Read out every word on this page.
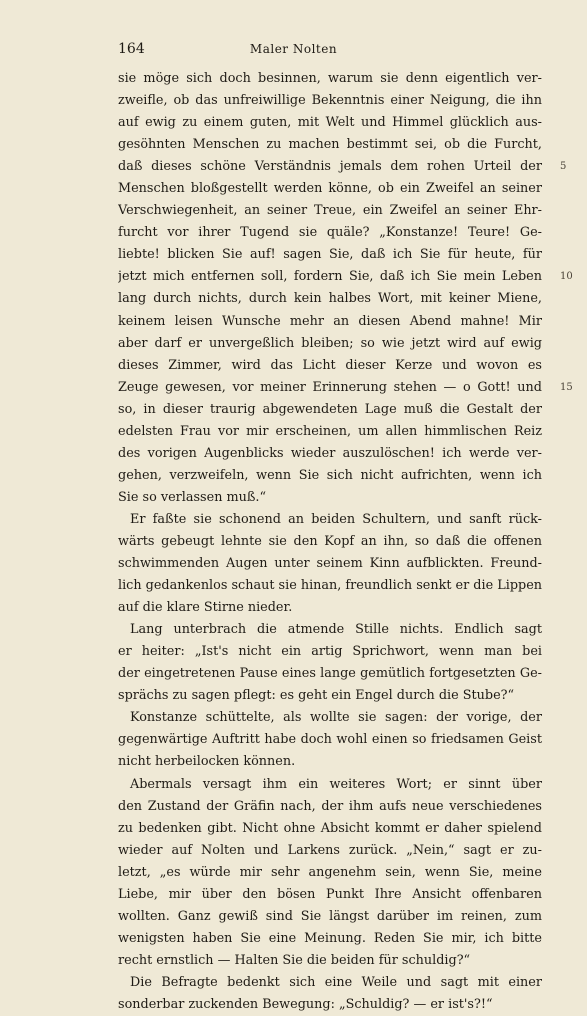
164	Maler Nolten
sie möge sich doch besinnen, warum sie denn eigentlich ver-
zweifle, ob das unfreiwillige Bekenntnis einer Neigung, die ihn
auf ewig zu einem guten, mit Welt und Himmel glücklich aus-
gesöhnten Menschen zu machen bestimmt sei, ob die Furcht,
daß dieses schöne Verständnis jemals dem rohen Urteil der
Menschen bloßgestellt werden könne, ob ein Zweifel an seiner
Verschwiegenheit, an seiner Treue, ein Zweifel an seiner Ehr-
furcht vor ihrer Tugend sie quäle? „Konstanze! Teure! Ge-
liebte! blicken Sie auf! sagen Sie, daß ich Sie für heute, für
jetzt mich entfernen soll, fordern Sie, daß ich Sie mein Leben
lang durch nichts, durch kein halbes Wort, mit keiner Miene,
keinem leisen Wunsche mehr an diesen Abend mahne! Mir
aber darf er unvergeßlich bleiben; so wie jetzt wird auf ewig
dieses Zimmer, wird das Licht dieser Kerze und wovon es
Zeuge gewesen, vor meiner Erinnerung stehen — o Gott! und
so, in dieser traurig abgewendeten Lage muß die Gestalt der
edelsten Frau vor mir erscheinen, um allen himmlischen Reiz
des vorigen Augenblicks wieder auszulöschen! ich werde ver-
gehen, verzweifeln, wenn Sie sich nicht aufrichten, wenn ich
Sie so verlassen muß.“
Er faßte sie schonend an beiden Schultern, und sanft rück-
wärts gebeugt lehnte sie den Kopf an ihn, so daß die offenen
schwimmenden Augen unter seinem Kinn aufblickten. Freund-
lich gedankenlos schaut sie hinan, freundlich senkt er die Lippen
auf die klare Stirne nieder.
Lang unterbrach die atmende Stille nichts. Endlich sagt
er heiter: „Ist's nicht ein artig Sprichwort, wenn man bei
der eingetretenen Pause eines lange gemütlich fortgesetzten Ge-
sprächs zu sagen pflegt: es geht ein Engel durch die Stube?“
Konstanze schüttelte, als wollte sie sagen: der vorige, der
gegenwärtige Auftritt habe doch wohl einen so friedsamen Geist
nicht herbeilocken können.
Abermals versagt ihm ein weiteres Wort; er sinnt über
den Zustand der Gräfin nach, der ihm aufs neue verschiedenes
zu bedenken gibt. Nicht ohne Absicht kommt er daher spielend
wieder auf Nolten und Larkens zurück. „Nein,“ sagt er zu-
letzt, „es würde mir sehr angenehm sein, wenn Sie, meine
Liebe, mir über den bösen Punkt Ihre Ansicht offenbaren
wollten. Ganz gewiß sind Sie längst darüber im reinen, zum
wenigsten haben Sie eine Meinung. Reden Sie mir, ich bitte
recht ernstlich — Halten Sie die beiden für schuldig?“
Die Befragte bedenkt sich eine Weile und sagt mit einer
sonderbar zuckenden Bewegung: „Schuldig? — er ist's?!“
5
10
15
